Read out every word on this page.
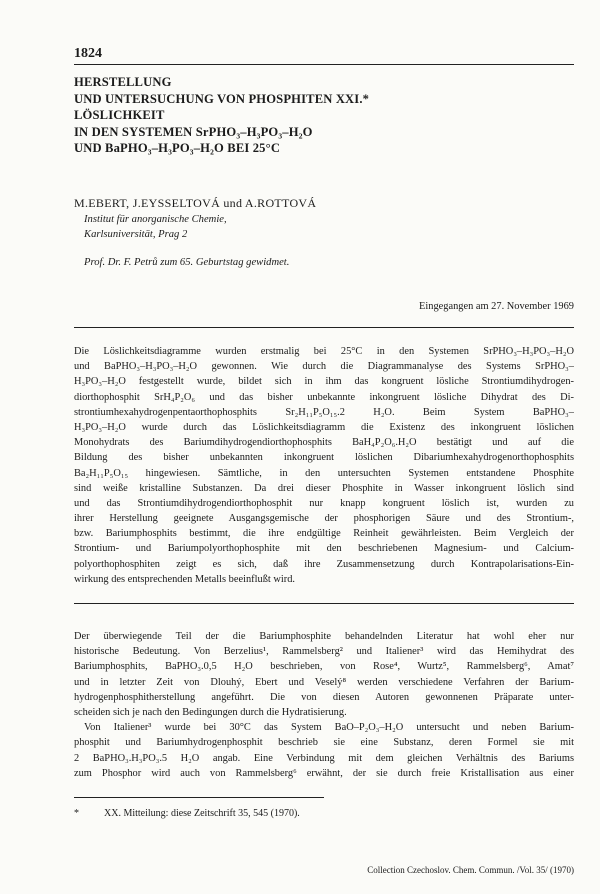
1824
HERSTELLUNG
UND UNTERSUCHUNG VON PHOSPHITEN XXI.*
LÖSLICHKEIT
IN DEN SYSTEMEN SrPHO₃–H₃PO₃–H₂O
UND BaPHO₃–H₃PO₃–H₂O BEI 25°C
M.EBERT, J.EYSSELTOVÁ und A.ROTTOVÁ
Institut für anorganische Chemie,
Karlsuniversität, Prag 2
Prof. Dr. F. Petrů zum 65. Geburtstag gewidmet.
Eingegangen am 27. November 1969
Die Löslichkeitsdiagramme wurden erstmalig bei 25°C in den Systemen SrPHO₃–H₃PO₃–H₂O
und BaPHO₃–H₃PO₃–H₂O gewonnen. Wie durch die Diagrammanalyse des Systems SrPHO₃–
H₃PO₃–H₂O festgestellt wurde, bildet sich in ihm das kongruent lösliche Strontiumdihydrogen-
diorthophosphit SrH₄P₂O₆ und das bisher unbekannte inkongruent lösliche Dihydrat des Di-
strontiumhexahydrogenpentaorthophosphits Sr₂H₁₁P₅O₁₅.2 H₂O. Beim System BaPHO₃–
H₃PO₃–H₂O wurde durch das Löslichkeitsdiagramm die Existenz des inkongruent löslichen
Monohydrats des Bariumdihydrogendiorthophosphits BaH₄P₂O₆.H₂O bestätigt und auf die
Bildung des bisher unbekannten inkongruent löslichen Dibariumhexahydrogenorthophosphits
Ba₂H₁₁P₅O₁₅ hingewiesen. Sämtliche, in den untersuchten Systemen entstandene Phosphite
sind weiße kristalline Substanzen. Da drei dieser Phosphite in Wasser inkongruent löslich sind
und das Strontiumdihydrogendiorthophosphit nur knapp kongruent löslich ist, wurden zu
ihrer Herstellung geeignete Ausgangsgemische der phosphorigen Säure und des Strontium-,
bzw. Bariumphosphits bestimmt, die ihre endgültige Reinheit gewährleisten. Beim Vergleich der
Strontium- und Bariumpolyorthophosphite mit den beschriebenen Magnesium- und Calcium-
polyorthophosphiten zeigt es sich, daß ihre Zusammensetzung durch Kontrapolarisations-Ein-
wirkung des entsprechenden Metalls beeinflußt wird.
Der überwiegende Teil der die Bariumphosphite behandelnden Literatur hat wohl eher nur
historische Bedeutung. Von Berzelius¹, Rammelsberg² und Italiener³ wird das Hemihydrat des
Bariumphosphits, BaPHO₃.0,5 H₂O beschrieben, von Rose⁴, Wurtz⁵, Rammelsberg⁶, Amat⁷
und in letzter Zeit von Dlouhý, Ebert und Veselý⁸ werden verschiedene Verfahren der Barium-
hydrogenphosphitherstellung angeführt. Die von diesen Autoren gewonnenen Präparate unter-
scheiden sich je nach den Bedingungen durch die Hydratisierung.
Von Italiener³ wurde bei 30°C das System BaO–P₂O₃–H₂O untersucht und neben Barium-
phosphit und Bariumhydrogenphosphit beschrieb sie eine Substanz, deren Formel sie mit
2 BaPHO₃.H₃PO₃.5 H₂O angab. Eine Verbindung mit dem gleichen Verhältnis des Bariums
zum Phosphor wird auch von Rammelsberg⁶ erwähnt, der sie durch freie Kristallisation aus einer
*	XX. Mitteilung: diese Zeitschrift 35, 545 (1970).
Collection Czechoslov. Chem. Commun. /Vol. 35/ (1970)
